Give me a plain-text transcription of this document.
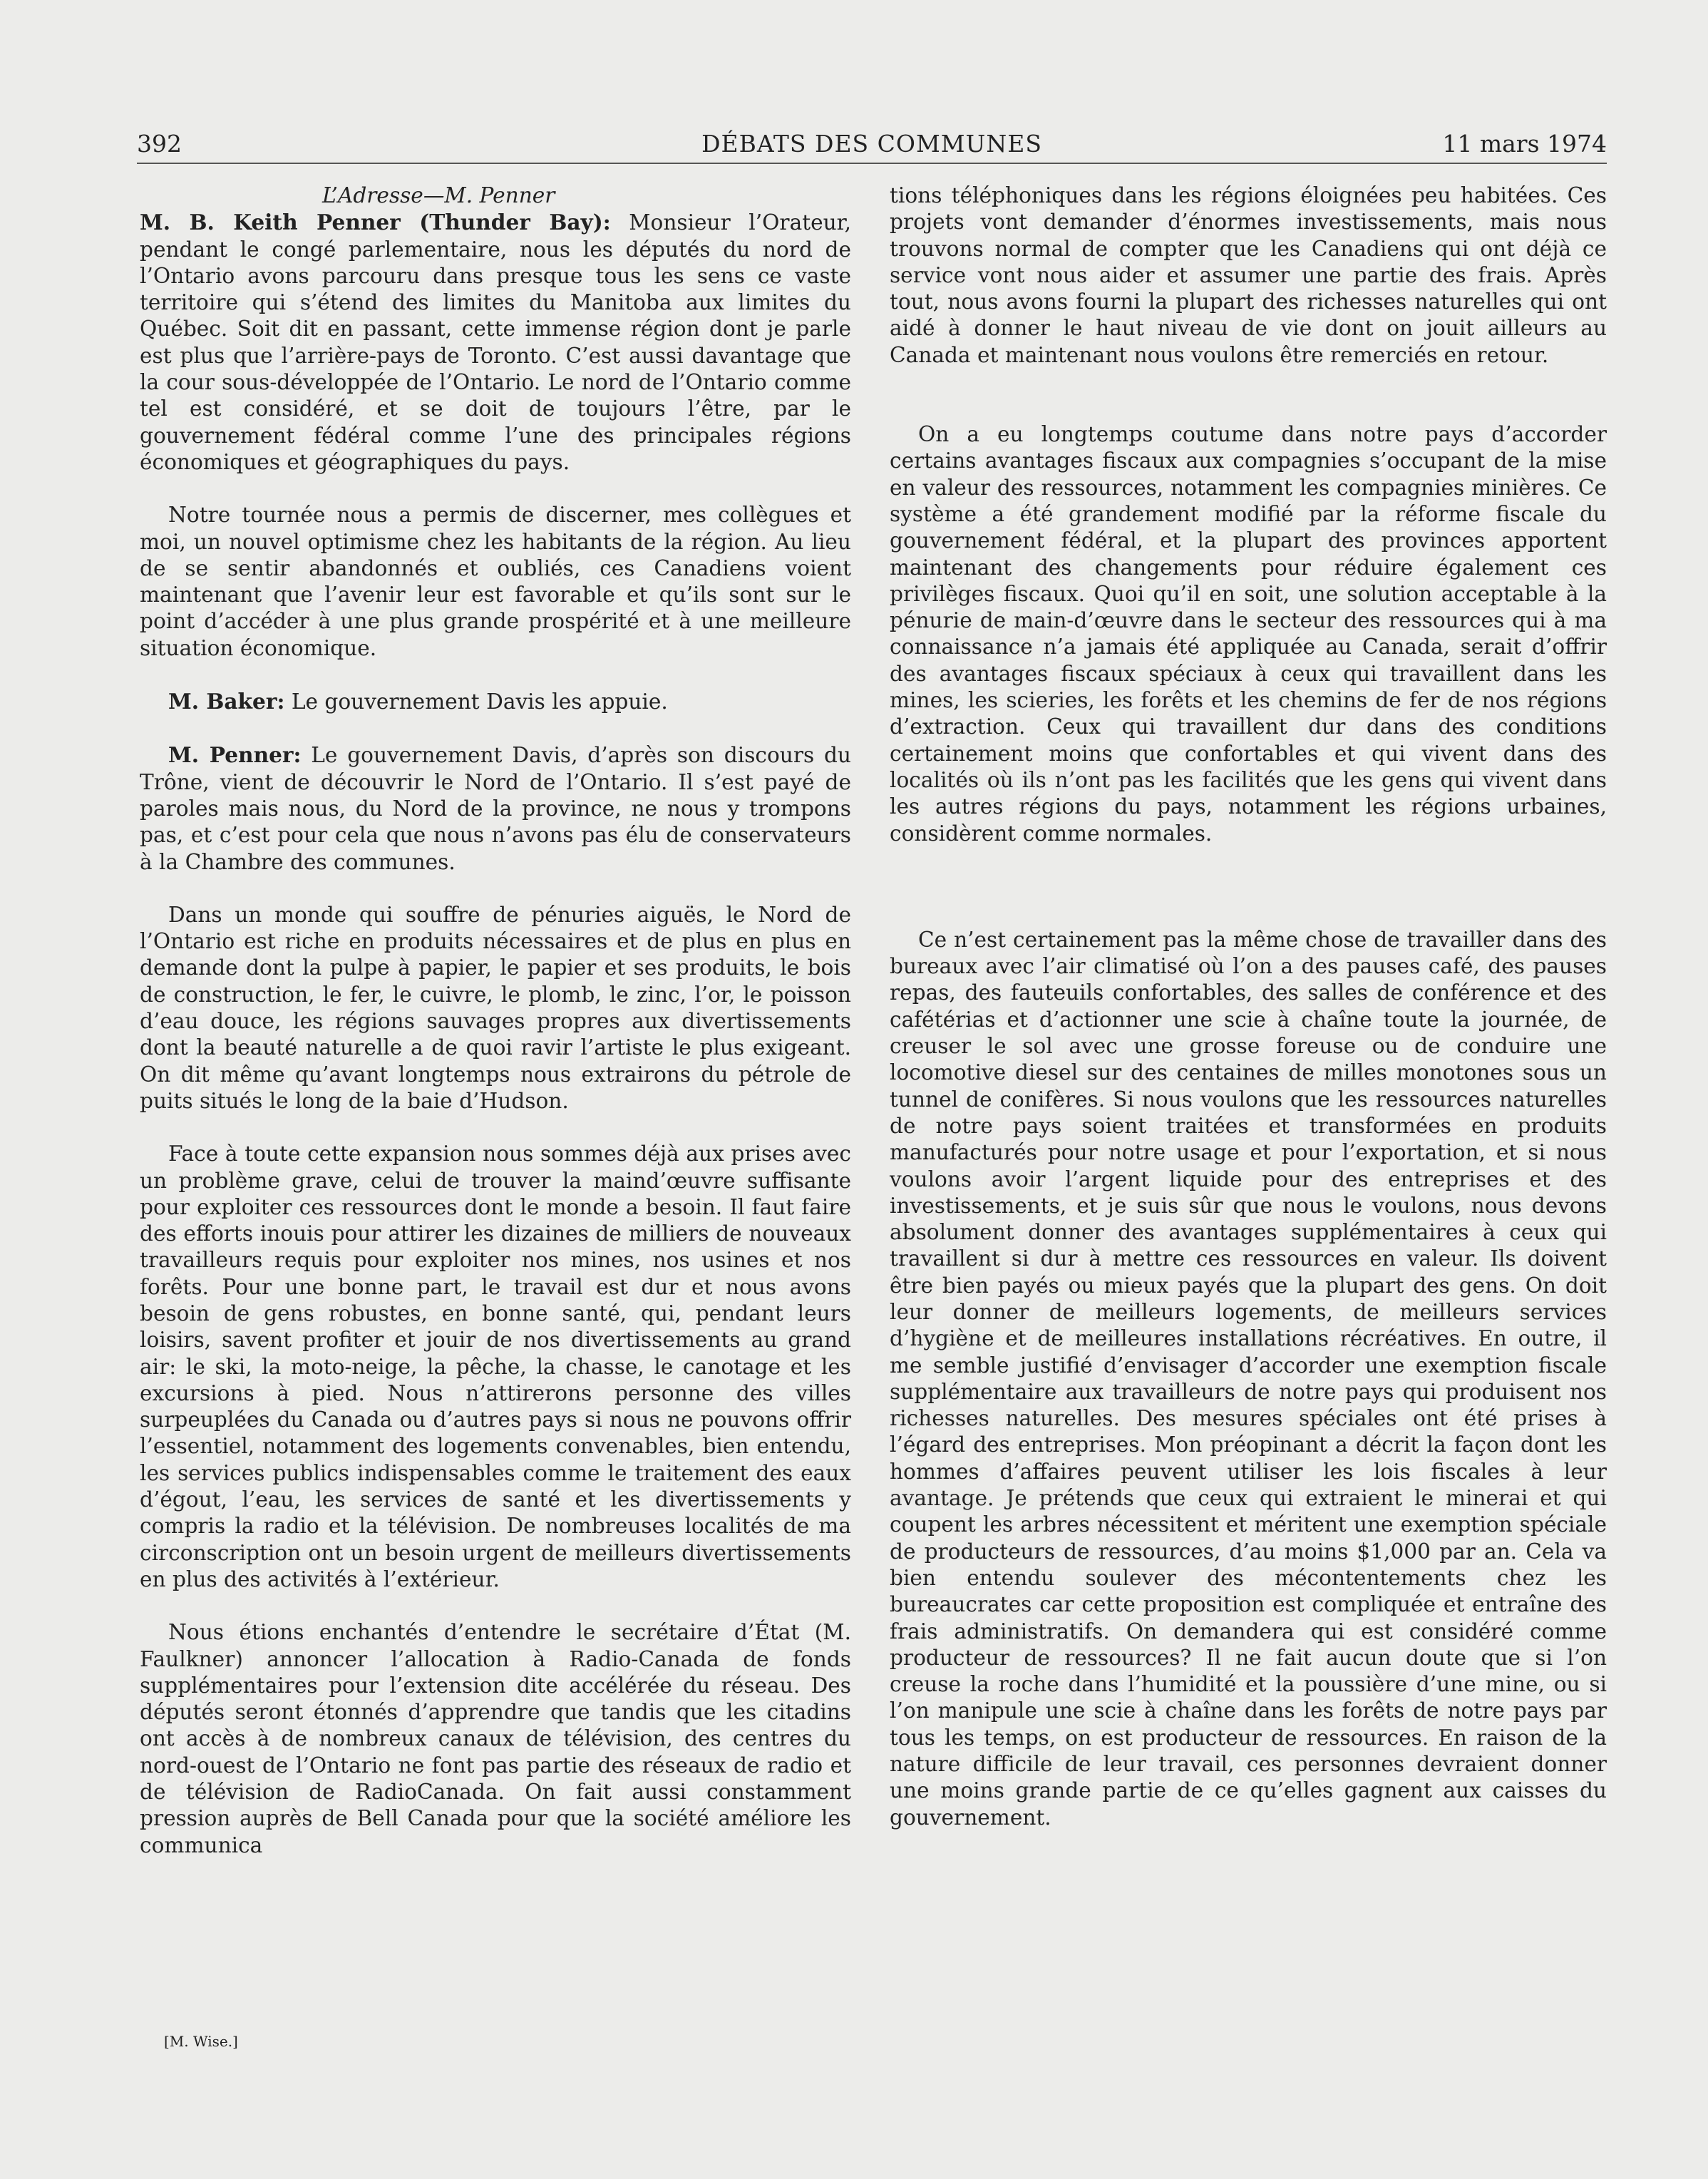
392	DÉBATS DES COMMUNES	11 mars 1974

L’Adresse—M. Penner

M. B. Keith Penner (Thunder Bay): Monsieur l’Orateur, pendant le congé parlementaire, nous les députés du nord de l’Ontario avons parcouru dans presque tous les sens ce vaste territoire qui s’étend des limites du Manitoba aux limites du Québec. Soit dit en passant, cette immense région dont je parle est plus que l’arrière-pays de Toronto. C’est aussi davantage que la cour sous-développée de l’Ontario. Le nord de l’Ontario comme tel est considéré, et se doit de toujours l’être, par le gouvernement fédéral comme l’une des principales régions économiques et géographiques du pays.

Notre tournée nous a permis de discerner, mes collègues et moi, un nouvel optimisme chez les habitants de la région. Au lieu de se sentir abandonnés et oubliés, ces Canadiens voient maintenant que l’avenir leur est favorable et qu’ils sont sur le point d’accéder à une plus grande prospérité et à une meilleure situation économique.

M. Baker: Le gouvernement Davis les appuie.

M. Penner: Le gouvernement Davis, d’après son discours du Trône, vient de découvrir le Nord de l’Ontario. Il s’est payé de paroles mais nous, du Nord de la province, ne nous y trompons pas, et c’est pour cela que nous n’avons pas élu de conservateurs à la Chambre des communes.

Dans un monde qui souffre de pénuries aiguës, le Nord de l’Ontario est riche en produits nécessaires et de plus en plus en demande dont la pulpe à papier, le papier et ses produits, le bois de construction, le fer, le cuivre, le plomb, le zinc, l’or, le poisson d’eau douce, les régions sauvages propres aux divertissements dont la beauté naturelle a de quoi ravir l’artiste le plus exigeant. On dit même qu’avant longtemps nous extrairons du pétrole de puits situés le long de la baie d’Hudson.

Face à toute cette expansion nous sommes déjà aux prises avec un problème grave, celui de trouver la maind’œuvre suffisante pour exploiter ces ressources dont le monde a besoin. Il faut faire des efforts inouis pour attirer les dizaines de milliers de nouveaux travailleurs requis pour exploiter nos mines, nos usines et nos forêts. Pour une bonne part, le travail est dur et nous avons besoin de gens robustes, en bonne santé, qui, pendant leurs loisirs, savent profiter et jouir de nos divertissements au grand air: le ski, la moto-neige, la pêche, la chasse, le canotage et les excursions à pied. Nous n’attirerons personne des villes surpeuplées du Canada ou d’autres pays si nous ne pouvons offrir l’essentiel, notamment des logements convenables, bien entendu, les services publics indispensables comme le traitement des eaux d’égout, l’eau, les services de santé et les divertissements y compris la radio et la télévision. De nombreuses localités de ma circonscription ont un besoin urgent de meilleurs divertissements en plus des activités à l’extérieur.

Nous étions enchantés d’entendre le secrétaire d’État (M. Faulkner) annoncer l’allocation à Radio-Canada de fonds supplémentaires pour l’extension dite accélérée du réseau. Des députés seront étonnés d’apprendre que tandis que les citadins ont accès à de nombreux canaux de télévision, des centres du nord-ouest de l’Ontario ne font pas partie des réseaux de radio et de télévision de RadioCanada. On fait aussi constamment pression auprès de Bell Canada pour que la société améliore les communica

[M. Wise.]

tions téléphoniques dans les régions éloignées peu habitées. Ces projets vont demander d’énormes investissements, mais nous trouvons normal de compter que les Canadiens qui ont déjà ce service vont nous aider et assumer une partie des frais. Après tout, nous avons fourni la plupart des richesses naturelles qui ont aidé à donner le haut niveau de vie dont on jouit ailleurs au Canada et maintenant nous voulons être remerciés en retour.

On a eu longtemps coutume dans notre pays d’accorder certains avantages fiscaux aux compagnies s’occupant de la mise en valeur des ressources, notamment les compagnies minières. Ce système a été grandement modifié par la réforme fiscale du gouvernement fédéral, et la plupart des provinces apportent maintenant des changements pour réduire également ces privilèges fiscaux. Quoi qu’il en soit, une solution acceptable à la pénurie de main-d’œuvre dans le secteur des ressources qui à ma connaissance n’a jamais été appliquée au Canada, serait d’offrir des avantages fiscaux spéciaux à ceux qui travaillent dans les mines, les scieries, les forêts et les chemins de fer de nos régions d’extraction. Ceux qui travaillent dur dans des conditions certainement moins que confortables et qui vivent dans des localités où ils n’ont pas les facilités que les gens qui vivent dans les autres régions du pays, notamment les régions urbaines, considèrent comme normales.

Ce n’est certainement pas la même chose de travailler dans des bureaux avec l’air climatisé où l’on a des pauses café, des pauses repas, des fauteuils confortables, des salles de conférence et des cafétérias et d’actionner une scie à chaîne toute la journée, de creuser le sol avec une grosse foreuse ou de conduire une locomotive diesel sur des centaines de milles monotones sous un tunnel de conifères. Si nous voulons que les ressources naturelles de notre pays soient traitées et transformées en produits manufacturés pour notre usage et pour l’exportation, et si nous voulons avoir l’argent liquide pour des entreprises et des investissements, et je suis sûr que nous le voulons, nous devons absolument donner des avantages supplémentaires à ceux qui travaillent si dur à mettre ces ressources en valeur. Ils doivent être bien payés ou mieux payés que la plupart des gens. On doit leur donner de meilleurs logements, de meilleurs services d’hygiène et de meilleures installations récréatives. En outre, il me semble justifié d’envisager d’accorder une exemption fiscale supplémentaire aux travailleurs de notre pays qui produisent nos richesses naturelles. Des mesures spéciales ont été prises à l’égard des entreprises. Mon préopinant a décrit la façon dont les hommes d’affaires peuvent utiliser les lois fiscales à leur avantage. Je prétends que ceux qui extraient le minerai et qui coupent les arbres nécessitent et méritent une exemption spéciale de producteurs de ressources, d’au moins $1,000 par an. Cela va bien entendu soulever des mécontentements chez les bureaucrates car cette proposition est compliquée et entraîne des frais administratifs. On demandera qui est considéré comme producteur de ressources? Il ne fait aucun doute que si l’on creuse la roche dans l’humidité et la poussière d’une mine, ou si l’on manipule une scie à chaîne dans les forêts de notre pays par tous les temps, on est producteur de ressources. En raison de la nature difficile de leur travail, ces personnes devraient donner une moins grande partie de ce qu’elles gagnent aux caisses du gouvernement.
